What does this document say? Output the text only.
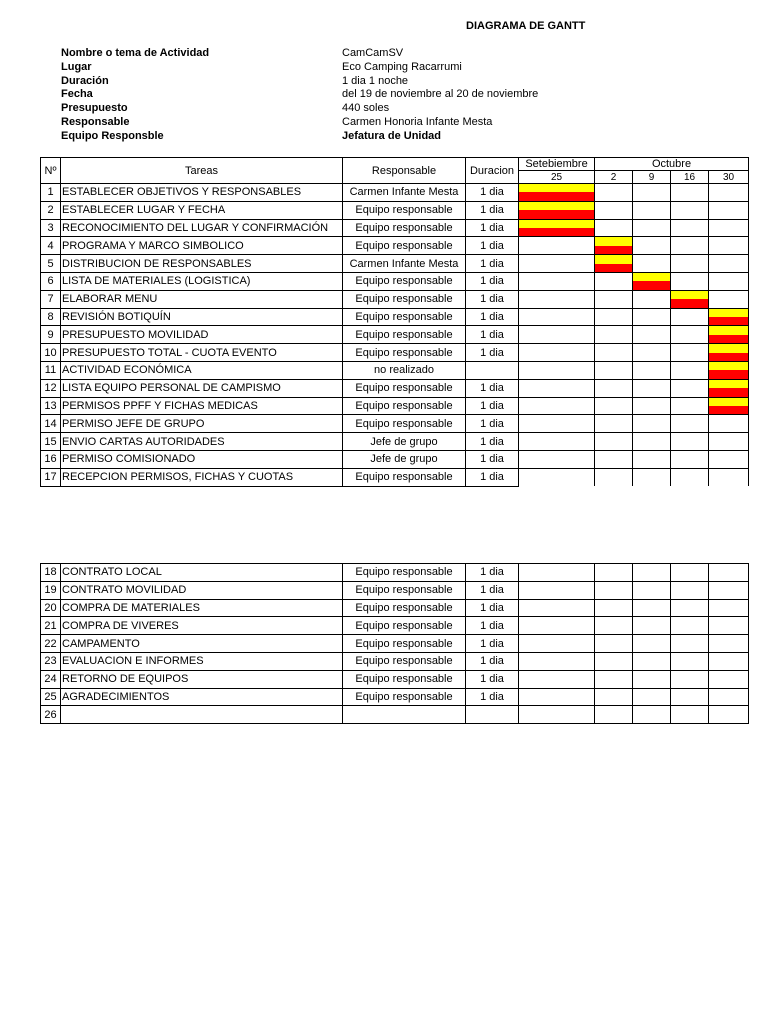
DIAGRAMA DE GANTT
Nombre o tema de Actividad	CamCamSV
Lugar	Eco Camping Racarrumi
Duración	1 dia 1 noche
Fecha	del 19 de noviembre al 20 de noviembre
Presupuesto	440 soles
Responsable	Carmen Honoria Infante Mesta
Equipo Responsble	Jefatura de Unidad
Nº	Tareas	Responsable	Duracion	Setebiembre	Octubre			
				25	2	9	16	30
1	ESTABLECER OBJETIVOS Y RESPONSABLES	Carmen Infante Mesta	1 dia	

2	ESTABLECER LUGAR Y FECHA	Equipo responsable	1 dia	

3	RECONOCIMIENTO DEL LUGAR Y CONFIRMACIÓN	Equipo responsable	1 dia	

4	PROGRAMA Y MARCO SIMBOLICO	Equipo responsable	1 dia		

5	DISTRIBUCION DE RESPONSABLES	Carmen Infante Mesta	1 dia		

6	LISTA DE MATERIALES (LOGISTICA)	Equipo responsable	1 dia			

7	ELABORAR MENU	Equipo responsable	1 dia				

8	REVISIÓN BOTIQUÍN	Equipo responsable	1 dia					

9	PRESUPUESTO MOVILIDAD	Equipo responsable	1 dia					

10	PRESUPUESTO TOTAL - CUOTA EVENTO	Equipo responsable	1 dia					

11	ACTIVIDAD ECONÓMICA	no realizado						

12	LISTA EQUIPO PERSONAL DE CAMPISMO	Equipo responsable	1 dia					

13	PERMISOS PPFF Y FICHAS MEDICAS	Equipo responsable	1 dia					

14	PERMISO JEFE DE GRUPO	Equipo responsable	1 dia					
15	ENVIO CARTAS AUTORIDADES	Jefe de grupo	1 dia					
16	PERMISO COMISIONADO	Jefe de grupo	1 dia					
17	RECEPCION PERMISOS, FICHAS Y CUOTAS	Equipo responsable	1 dia					
18	CONTRATO LOCAL	Equipo responsable	1 dia					
19	CONTRATO MOVILIDAD	Equipo responsable	1 dia					
20	COMPRA DE MATERIALES	Equipo responsable	1 dia					
21	COMPRA DE VIVERES	Equipo responsable	1 dia					
22	CAMPAMENTO	Equipo responsable	1 dia					
23	EVALUACION E INFORMES	Equipo responsable	1 dia					
24	RETORNO DE EQUIPOS	Equipo responsable	1 dia					
25	AGRADECIMIENTOS	Equipo responsable	1 dia					
26								
